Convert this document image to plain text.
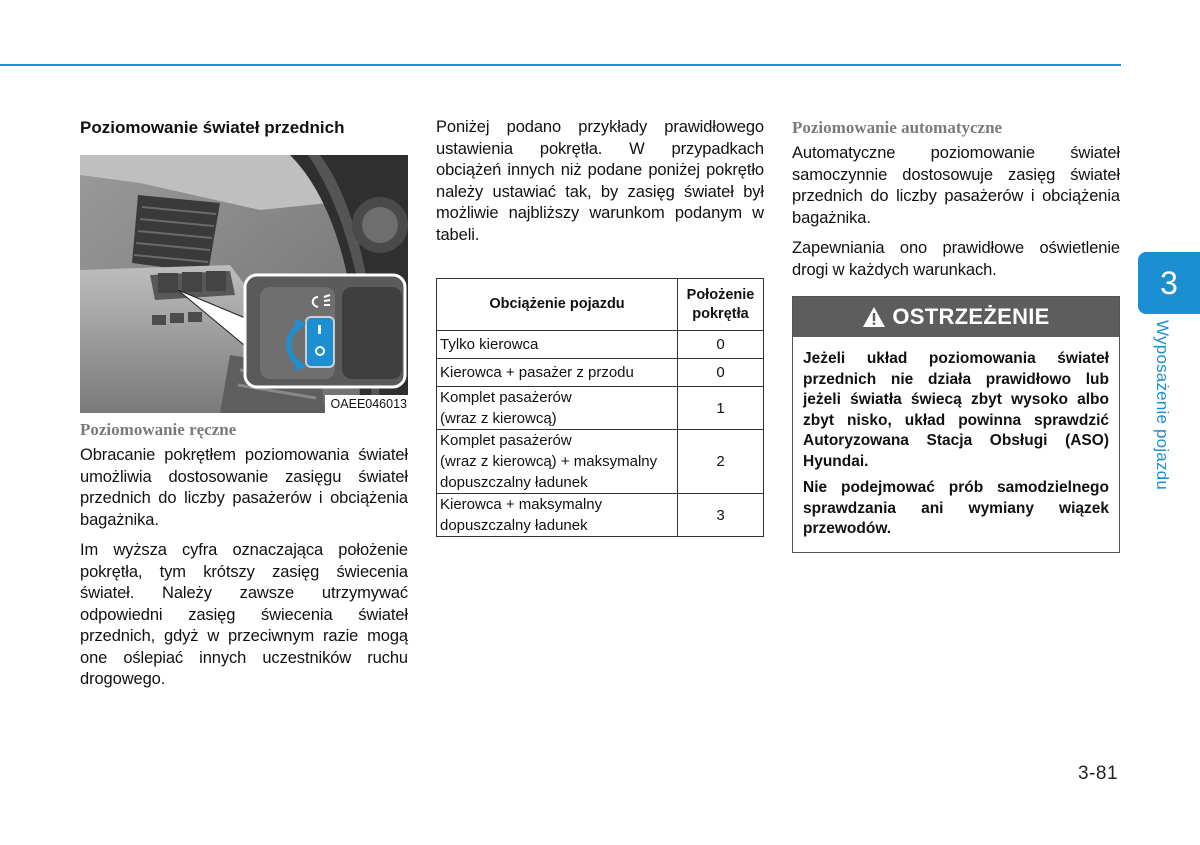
Poziomowanie świateł przednich
OAEE046013
Poziomowanie ręczne

Obracanie pokrętłem poziomowania świateł umożliwia dostosowanie zasięgu świateł przednich do liczby pasażerów i obciążenia bagażnika.

Im wyższa cyfra oznaczająca położenie pokrętła, tym krótszy zasięg świecenia świateł. Należy zawsze utrzymywać odpowiedni zasięg świecenia świateł przednich, gdyż w przeciwnym razie mogą one oślepiać innych uczestników ruchu drogowego.

Poniżej podano przykłady prawidłowego ustawienia pokrętła. W przypadkach obciążeń innych niż podane poniżej pokrętło należy ustawiać tak, by zasięg świateł był możliwie najbliższy warunkom podanym w tabeli.

Obciążenie pojazdu	Położenie
pokrętła
Tylko kierowca	0
Kierowca + pasażer z przodu	0
Komplet pasażerów
(wraz z kierowcą)	1
Komplet pasażerów
(wraz z kierowcą) + maksymalny
dopuszczalny ładunek	2
Kierowca + maksymalny
dopuszczalny ładunek	3
Poziomowanie automatyczne

Automatyczne poziomowanie świateł samoczynnie dostosowuje zasięg świateł przednich do liczby pasażerów i obciążenia bagażnika.

Zapewniania ono prawidłowe oświetlenie drogi w każdych warunkach.

OSTRZEŻENIE

Jeżeli układ poziomowania świateł przednich nie działa prawidłowo lub jeżeli światła świecą zbyt wysoko albo zbyt nisko, układ powinna sprawdzić Autoryzowana Stacja Obsługi (ASO) Hyundai.

Nie podejmować prób samodzielnego sprawdzania ani wymiany wiązek przewodów.

3
Wyposażenie pojazdu
3-81
